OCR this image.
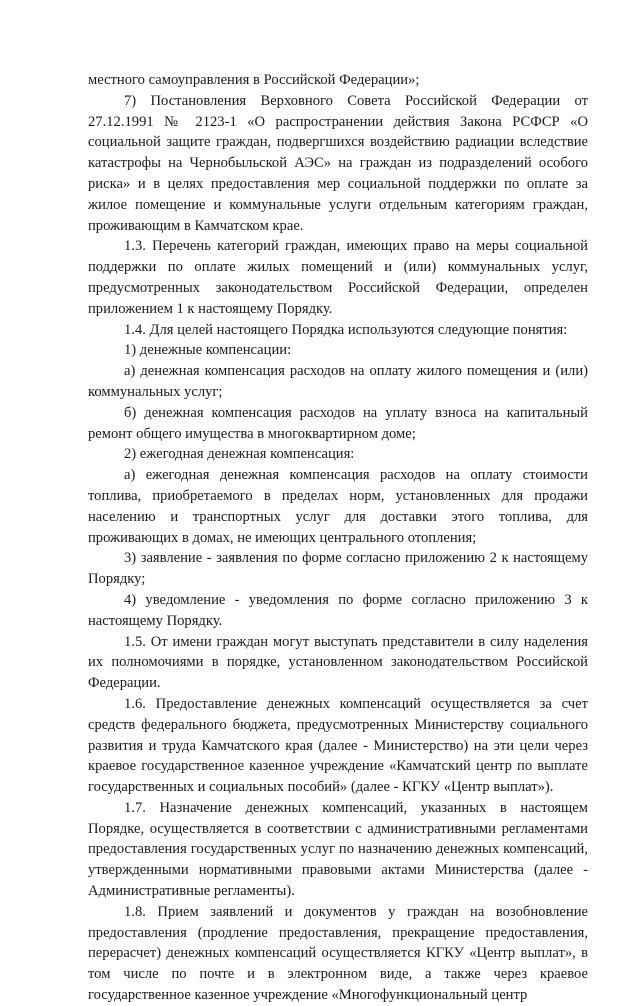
местного самоуправления в Российской Федерации»;

7) Постановления Верховного Совета Российской Федерации от 27.12.1991 № 2123-1 «О распространении действия Закона РСФСР «О социальной защите граждан, подвергшихся воздействию радиации вследствие катастрофы на Чернобыльской АЭС» на граждан из подразделений особого риска» и в целях предоставления мер социальной поддержки по оплате за жилое помещение и коммунальные услуги отдельным категориям граждан, проживающим в Камчатском крае.

1.3. Перечень категорий граждан, имеющих право на меры социальной поддержки по оплате жилых помещений и (или) коммунальных услуг, предусмотренных законодательством Российской Федерации, определен приложением 1 к настоящему Порядку.

1.4. Для целей настоящего Порядка используются следующие понятия:

1) денежные компенсации:

а) денежная компенсация расходов на оплату жилого помещения и (или) коммунальных услуг;

б) денежная компенсация расходов на уплату взноса на капитальный ремонт общего имущества в многоквартирном доме;

2) ежегодная денежная компенсация:

а) ежегодная денежная компенсация расходов на оплату стоимости топлива, приобретаемого в пределах норм, установленных для продажи населению и транспортных услуг для доставки этого топлива, для проживающих в домах, не имеющих центрального отопления;

3) заявление - заявления по форме согласно приложению 2 к настоящему Порядку;

4) уведомление - уведомления по форме согласно приложению 3 к настоящему Порядку.

1.5. От имени граждан могут выступать представители в силу наделения их полномочиями в порядке, установленном законодательством Российской Федерации.

1.6. Предоставление денежных компенсаций осуществляется за счет средств федерального бюджета, предусмотренных Министерству социального развития и труда Камчатского края (далее - Министерство) на эти цели через краевое государственное казенное учреждение «Камчатский центр по выплате государственных и социальных пособий» (далее - КГКУ «Центр выплат»).

1.7. Назначение денежных компенсаций, указанных в настоящем Порядке, осуществляется в соответствии с административными регламентами предоставления государственных услуг по назначению денежных компенсаций, утвержденными нормативными правовыми актами Министерства (далее - Административные регламенты).

1.8. Прием заявлений и документов у граждан на возобновление предоставления (продление предоставления, прекращение предоставления, перерасчет) денежных компенсаций осуществляется КГКУ «Центр выплат», в том числе по почте и в электронном виде, а также через краевое государственное казенное учреждение «Многофункциональный центр
